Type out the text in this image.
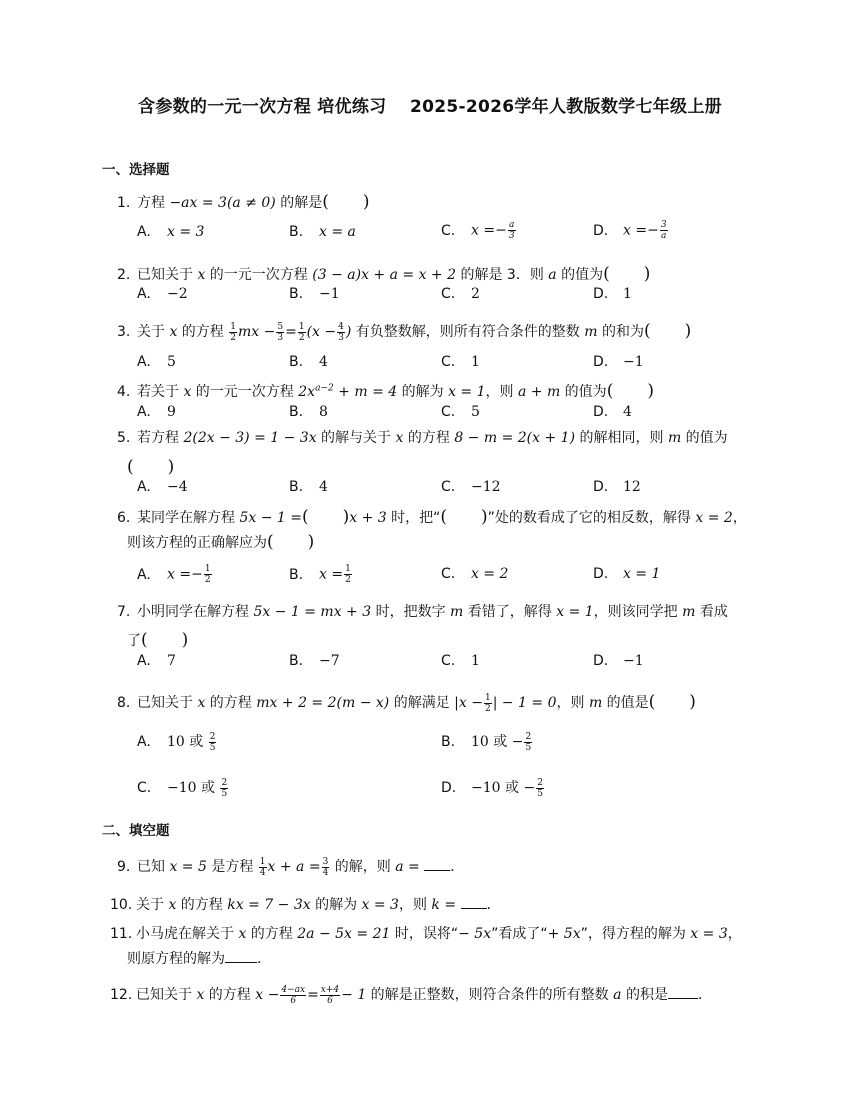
含参数的一元一次方程 培优练习　 2025-2026学年人教版数学七年级上册
一、选择题
1. 方程 −ax = 3(a ≠ 0) 的解是(　　)
A. x = 3	B. x = a	C. $x =- \frac{a}{3}$	D. $x =- \frac{3}{a}$
2. 已知关于 x 的一元一次方程 (3 − a)x + a = x + 2 的解是 3．则 a 的值为(　　)
A. −2	B. −1	C. 2	D. 1
3. 关于 x 的方程 $\frac{1}{2}$ mx − $\frac{5}{3} = \frac{1}{2} (x - \frac{4}{3}$ ) 有负整数解，则所有符合条件的整数 m 的和为(　　)
A. 5	B. 4	C. 1	D. −1
4. 若关于 x 的一元一次方程 $2x^{a-2} + m = 4$ 的解为 x = 1，则 a + m 的值为(　　)
A. 9	B. 8	C. 5	D. 4
5. 若方程 2(2x − 3) = 1 − 3x 的解与关于 x 的方程 8 − m = 2(x + 1) 的解相同，则 m 的值为
(　　)
A. −4	B. 4	C. −12	D. 12
6. 某同学在解方程 5x − 1 =(　　)x + 3 时，把“(　　)”处的数看成了它的相反数，解得 x = 2，
则该方程的正确解应为(　　)
A. $x =- \frac{1}{2}$	B. $x = \frac{1}{2}$	C. x = 2	D. x = 1
7. 小明同学在解方程 5x − 1 = mx + 3 时，把数字 m 看错了，解得 x = 1，则该同学把 m 看成
了(　　)
A. 7	B. −7	C. 1	D. −1
8. 已知关于 x 的方程 mx + 2 = 2(m − x) 的解满足 $|x - \frac{1}{2}$ | − 1 = 0，则 m 的值是(　　)
A. 10 或 $\frac{2}{5}$	B. 10 或 − $\frac{2}{5}$
C. −10 或 $\frac{2}{5}$	D. −10 或 − $\frac{2}{5}$
二、填空题
9. 已知 x = 5 是方程 $\frac{1}{4}$ $x + a = \frac{3}{4}$ 的解，则 a = .
10. 关于 x 的方程 kx = 7 − 3x 的解为 x = 3，则 k = .
11. 小马虎在解关于 x 的方程 2a − 5x = 21 时，误将“− 5x”看成了“+ 5x”，得方程的解为 x = 3，
则原方程的解为 .
12. 已知关于 x 的方程 $x - \frac{4-ax}{6} = \frac{x+4}{6} - 1$ 的解是正整数，则符合条件的所有整数 a 的积是 .
